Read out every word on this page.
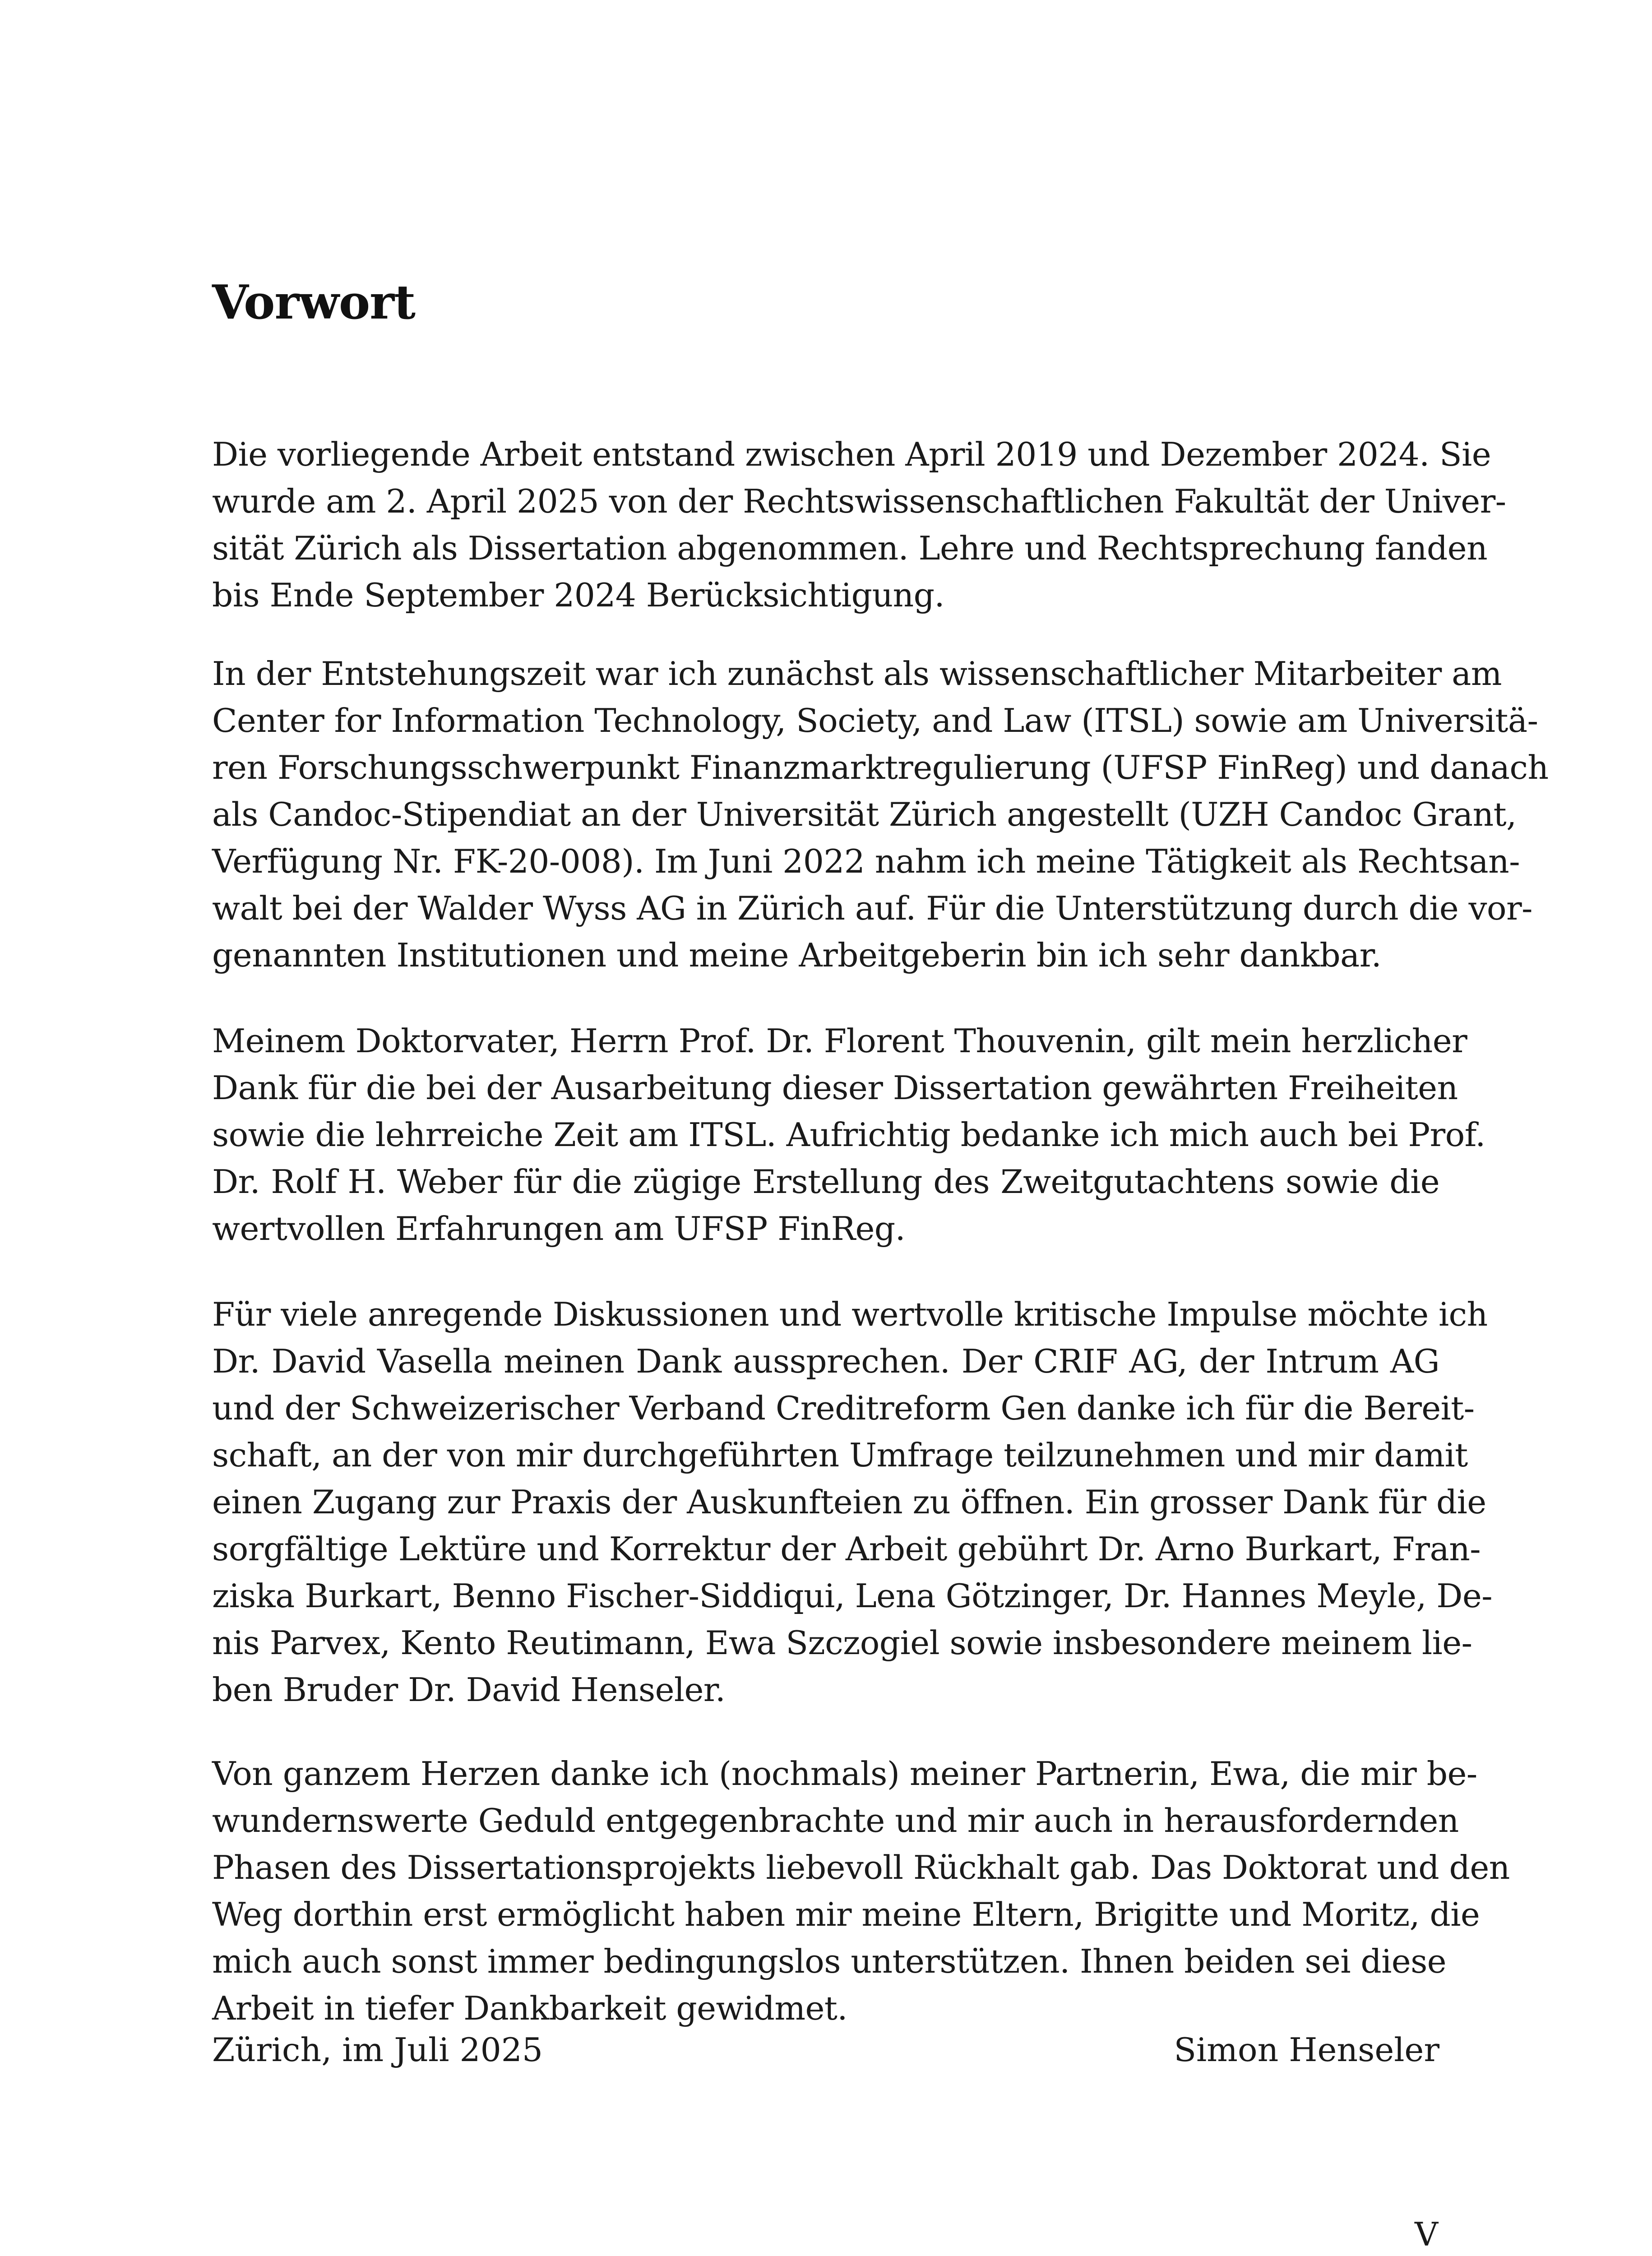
Vorwort

Die vorliegende Arbeit entstand zwischen April 2019 und Dezember 2024. Sie
wurde am 2. April 2025 von der Rechtswissenschaftlichen Fakultät der Univer-
sität Zürich als Dissertation abgenommen. Lehre und Rechtsprechung fanden
bis Ende September 2024 Berücksichtigung.

In der Entstehungszeit war ich zunächst als wissenschaftlicher Mitarbeiter am
Center for Information Technology, Society, and Law (ITSL) sowie am Universitä-
ren Forschungsschwerpunkt Finanzmarktregulierung (UFSP FinReg) und danach
als Candoc-Stipendiat an der Universität Zürich angestellt (UZH Candoc Grant,
Verfügung Nr. FK-20-008). Im Juni 2022 nahm ich meine Tätigkeit als Rechtsan-
walt bei der Walder Wyss AG in Zürich auf. Für die Unterstützung durch die vor-
genannten Institutionen und meine Arbeitgeberin bin ich sehr dankbar.

Meinem Doktorvater, Herrn Prof. Dr. Florent Thouvenin, gilt mein herzlicher
Dank für die bei der Ausarbeitung dieser Dissertation gewährten Freiheiten
sowie die lehrreiche Zeit am ITSL. Aufrichtig bedanke ich mich auch bei Prof.
Dr. Rolf H. Weber für die zügige Erstellung des Zweitgutachtens sowie die
wertvollen Erfahrungen am UFSP FinReg.

Für viele anregende Diskussionen und wertvolle kritische Impulse möchte ich
Dr. David Vasella meinen Dank aussprechen. Der CRIF AG, der Intrum AG
und der Schweizerischer Verband Creditreform Gen danke ich für die Bereit-
schaft, an der von mir durchgeführten Umfrage teilzunehmen und mir damit
einen Zugang zur Praxis der Auskunfteien zu öffnen. Ein grosser Dank für die
sorgfältige Lektüre und Korrektur der Arbeit gebührt Dr. Arno Burkart, Fran-
ziska Burkart, Benno Fischer-Siddiqui, Lena Götzinger, Dr. Hannes Meyle, De-
nis Parvex, Kento Reutimann, Ewa Szczogiel sowie insbesondere meinem lie-
ben Bruder Dr. David Henseler.

Von ganzem Herzen danke ich (nochmals) meiner Partnerin, Ewa, die mir be-
wundernswerte Geduld entgegenbrachte und mir auch in herausfordernden
Phasen des Dissertationsprojekts liebevoll Rückhalt gab. Das Doktorat und den
Weg dorthin erst ermöglicht haben mir meine Eltern, Brigitte und Moritz, die
mich auch sonst immer bedingungslos unterstützen. Ihnen beiden sei diese
Arbeit in tiefer Dankbarkeit gewidmet.

Zürich, im Juli 2025	Simon Henseler
V
